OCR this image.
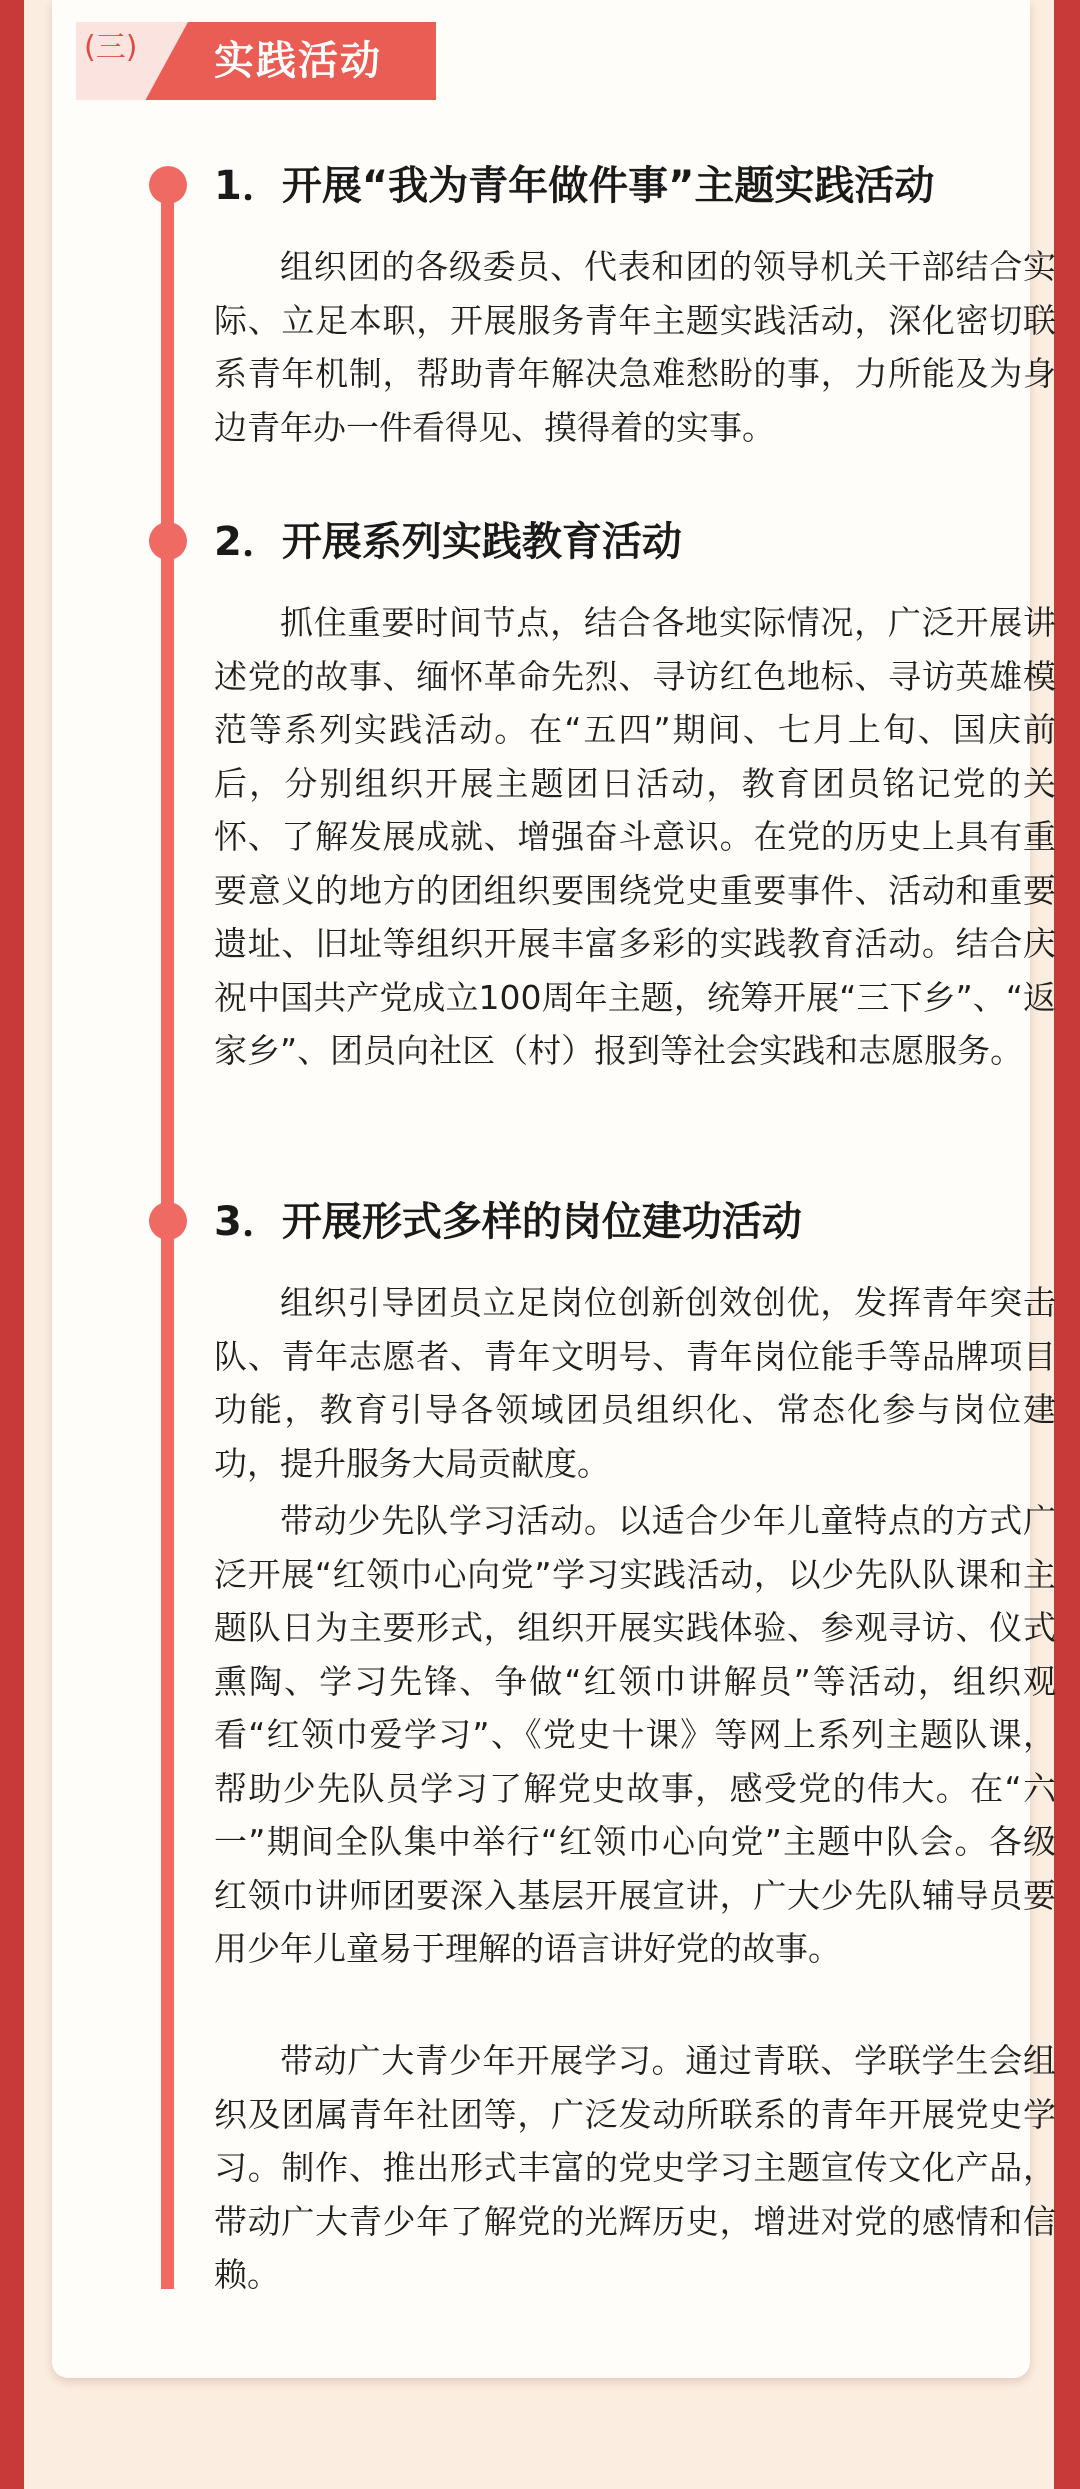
(三) 实践活动
1．开展“我为青年做件事”主题实践活动

组织团的各级委员、代表和团的领导机关干部结合实际、立足本职，开展服务青年主题实践活动，深化密切联系青年机制，帮助青年解决急难愁盼的事，力所能及为身边青年办一件看得见、摸得着的实事。

2．开展系列实践教育活动

抓住重要时间节点，结合各地实际情况，广泛开展讲述党的故事、缅怀革命先烈、寻访红色地标、寻访英雄模范等系列实践活动。在“五四”期间、七月上旬、国庆前后，分别组织开展主题团日活动，教育团员铭记党的关怀、了解发展成就、增强奋斗意识。在党的历史上具有重要意义的地方的团组织要围绕党史重要事件、活动和重要遗址、旧址等组织开展丰富多彩的实践教育活动。结合庆祝中国共产党成立100周年主题，统筹开展“三下乡”、“返家乡”、团员向社区（村）报到等社会实践和志愿服务。

3．开展形式多样的岗位建功活动

组织引导团员立足岗位创新创效创优，发挥青年突击队、青年志愿者、青年文明号、青年岗位能手等品牌项目功能，教育引导各领域团员组织化、常态化参与岗位建功，提升服务大局贡献度。

带动少先队学习活动。以适合少年儿童特点的方式广泛开展“红领巾心向党”学习实践活动，以少先队队课和主题队日为主要形式，组织开展实践体验、参观寻访、仪式熏陶、学习先锋、争做“红领巾讲解员”等活动，组织观看“红领巾爱学习”、《党史十课》等网上系列主题队课，帮助少先队员学习了解党史故事，感受党的伟大。在“六一”期间全队集中举行“红领巾心向党”主题中队会。各级红领巾讲师团要深入基层开展宣讲，广大少先队辅导员要用少年儿童易于理解的语言讲好党的故事。

带动广大青少年开展学习。通过青联、学联学生会组织及团属青年社团等，广泛发动所联系的青年开展党史学习。制作、推出形式丰富的党史学习主题宣传文化产品，带动广大青少年了解党的光辉历史，增进对党的感情和信赖。
